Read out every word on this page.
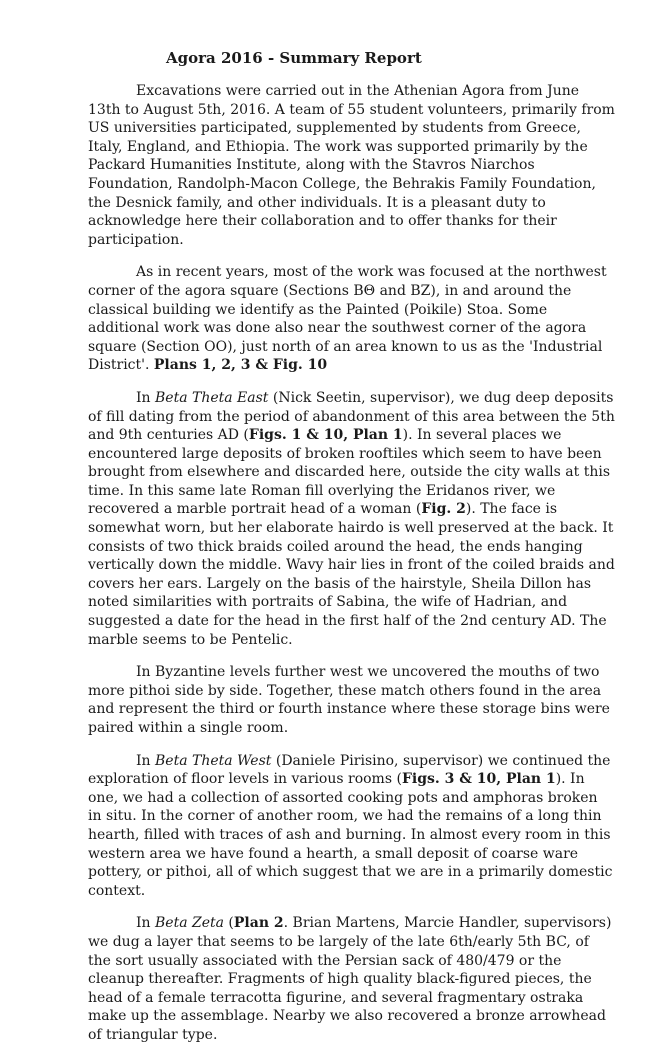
Agora 2016 - Summary Report

Excavations were carried out in the Athenian Agora from June 13th to August 5th, 2016. A team of 55 student volunteers, primarily from US universities participated, supplemented by students from Greece, Italy, England, and Ethiopia. The work was supported primarily by the Packard Humanities Institute, along with the Stavros Niarchos Foundation, Randolph-Macon College, the Behrakis Family Foundation, the Desnick family, and other individuals. It is a pleasant duty to acknowledge here their collaboration and to offer thanks for their participation.

As in recent years, most of the work was focused at the northwest corner of the agora square (Sections BΘ and BZ), in and around the classical building we identify as the Painted (Poikile) Stoa. Some additional work was done also near the southwest corner of the agora square (Section OO), just north of an area known to us as the 'Industrial District'. Plans 1, 2, 3 & Fig. 10

In Beta Theta East (Nick Seetin, supervisor), we dug deep deposits of fill dating from the period of abandonment of this area between the 5th and 9th centuries AD (Figs. 1 & 10, Plan 1). In several places we encountered large deposits of broken rooftiles which seem to have been brought from elsewhere and discarded here, outside the city walls at this time. In this same late Roman fill overlying the Eridanos river, we recovered a marble portrait head of a woman (Fig. 2). The face is somewhat worn, but her elaborate hairdo is well preserved at the back. It consists of two thick braids coiled around the head, the ends hanging vertically down the middle. Wavy hair lies in front of the coiled braids and covers her ears. Largely on the basis of the hairstyle, Sheila Dillon has noted similarities with portraits of Sabina, the wife of Hadrian, and suggested a date for the head in the first half of the 2nd century AD. The marble seems to be Pentelic.

In Byzantine levels further west we uncovered the mouths of two more pithoi side by side. Together, these match others found in the area and represent the third or fourth instance where these storage bins were paired within a single room.

In Beta Theta West (Daniele Pirisino, supervisor) we continued the exploration of floor levels in various rooms (Figs. 3 & 10, Plan 1). In one, we had a collection of assorted cooking pots and amphoras broken in situ. In the corner of another room, we had the remains of a long thin hearth, filled with traces of ash and burning. In almost every room in this western area we have found a hearth, a small deposit of coarse ware pottery, or pithoi, all of which suggest that we are in a primarily domestic context.

In Beta Zeta (Plan 2. Brian Martens, Marcie Handler, supervisors) we dug a layer that seems to be largely of the late 6th/early 5th BC, of the sort usually associated with the Persian sack of 480/479 or the cleanup thereafter. Fragments of high quality black-figured pieces, the head of a female terracotta figurine, and several fragmentary ostraka make up the assemblage. Nearby we also recovered a bronze arrowhead of triangular type.
